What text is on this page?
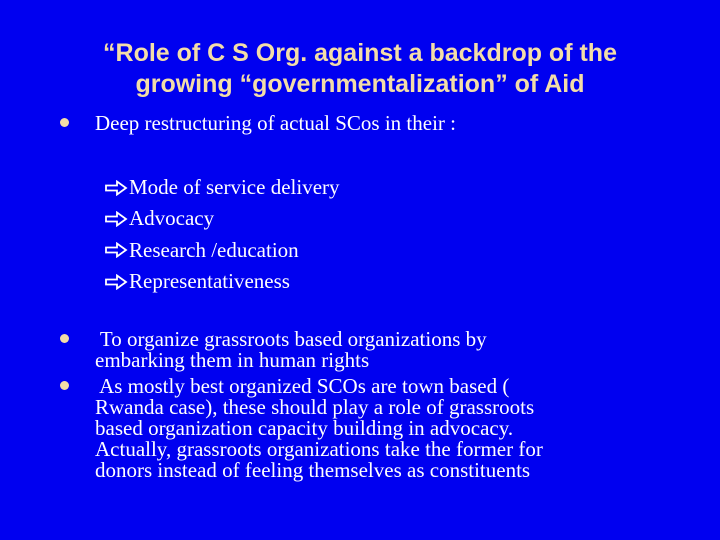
“Role of C S Org. against a backdrop of the
growing “governmentalization” of Aid
Deep restructuring of actual SCos in their :
Mode of service delivery
Advocacy
Research /education
Representativeness
To organize grassroots based organizations by
embarking them in human rights
As mostly best organized SCOs are town based (
Rwanda case), these should play a role of grassroots
based organization capacity building in advocacy.
Actually, grassroots organizations take the former for
donors instead of feeling themselves as constituents
